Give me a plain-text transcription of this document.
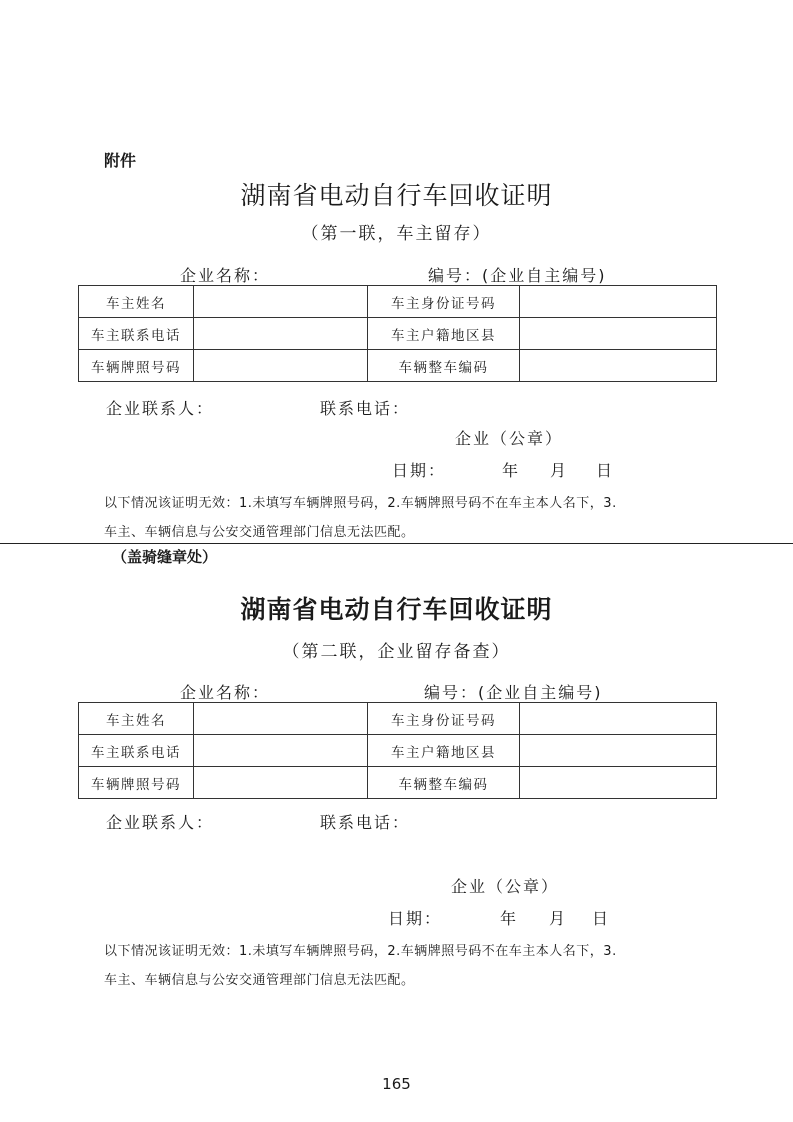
附件
湖南省电动自行车回收证明
（第一联，车主留存）
企业名称：	编号：(企业自主编号)
车主姓名		车主身份证号码	
车主联系电话		车主户籍地区县	
车辆牌照号码		车辆整车编码	
企业联系人：	联系电话：
企业（公章）
日期：	年 月 日
以下情况该证明无效：1.未填写车辆牌照号码，2.车辆牌照号码不在车主本人名下，3.
车主、车辆信息与公安交通管理部门信息无法匹配。
（盖骑缝章处）
湖南省电动自行车回收证明
（第二联，企业留存备查）
企业名称：	编号：(企业自主编号)
车主姓名		车主身份证号码	
车主联系电话		车主户籍地区县	
车辆牌照号码		车辆整车编码	
企业联系人：	联系电话：
企业（公章）
日期：	年 月 日
以下情况该证明无效：1.未填写车辆牌照号码，2.车辆牌照号码不在车主本人名下，3.
车主、车辆信息与公安交通管理部门信息无法匹配。
165
